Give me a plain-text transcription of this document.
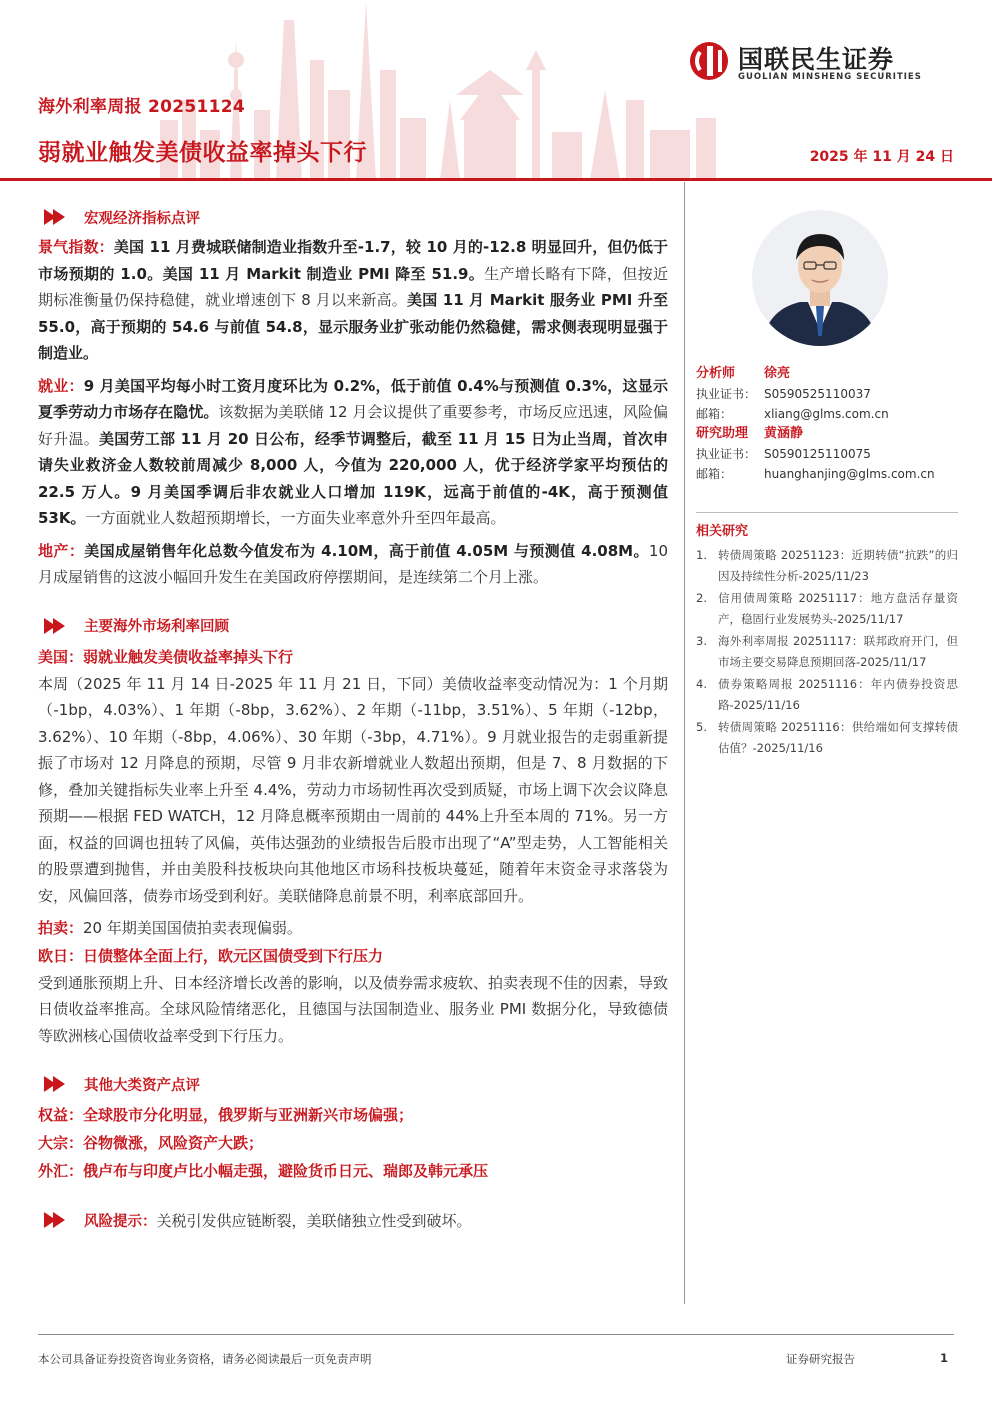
海外利率周报 20251124
弱就业触发美债收益率掉头下行	2025 年 11 月 24 日
国联民生证券
GUOLIAN MINSHENG SECURITIES
宏观经济指标点评

景气指数：美国 11 月费城联储制造业指数升至-1.7，较 10 月的-12.8 明显回升，但仍低于市场预期的 1.0。美国 11 月 Markit 制造业 PMI 降至 51.9。生产增长略有下降，但按近期标准衡量仍保持稳健，就业增速创下 8 月以来新高。美国 11 月 Markit 服务业 PMI 升至 55.0，高于预期的 54.6 与前值 54.8，显示服务业扩张动能仍然稳健，需求侧表现明显强于制造业。

就业：9 月美国平均每小时工资月度环比为 0.2%，低于前值 0.4%与预测值 0.3%，这显示夏季劳动力市场存在隐忧。该数据为美联储 12 月会议提供了重要参考，市场反应迅速，风险偏好升温。美国劳工部 11 月 20 日公布，经季节调整后，截至 11 月 15 日为止当周，首次申请失业救济金人数较前周减少 8,000 人，今值为 220,000 人，优于经济学家平均预估的 22.5 万人。9 月美国季调后非农就业人口增加 119K，远高于前值的-4K，高于预测值 53K。一方面就业人数超预期增长，一方面失业率意外升至四年最高。

地产：美国成屋销售年化总数今值发布为 4.10M，高于前值 4.05M 与预测值 4.08M。10 月成屋销售的这波小幅回升发生在美国政府停摆期间，是连续第二个月上涨。

主要海外市场利率回顾
美国：弱就业触发美债收益率掉头下行

本周（2025 年 11 月 14 日-2025 年 11 月 21 日，下同）美债收益率变动情况为：1 个月期（-1bp，4.03%）、1 年期（-8bp，3.62%）、2 年期（-11bp，3.51%）、5 年期（-12bp，3.62%）、10 年期（-8bp，4.06%）、30 年期（-3bp，4.71%）。9 月就业报告的走弱重新提振了市场对 12 月降息的预期，尽管 9 月非农新增就业人数超出预期，但是 7、8 月数据的下修，叠加关键指标失业率上升至 4.4%，劳动力市场韧性再次受到质疑，市场上调下次会议降息预期——根据 FED WATCH，12 月降息概率预期由一周前的 44%上升至本周的 71%。另一方面，权益的回调也扭转了风偏，英伟达强劲的业绩报告后股市出现了“A”型走势，人工智能相关的股票遭到抛售，并由美股科技板块向其他地区市场科技板块蔓延，随着年末资金寻求落袋为安，风偏回落，债券市场受到利好。美联储降息前景不明，利率底部回升。

拍卖：20 年期美国国债拍卖表现偏弱。

欧日：日债整体全面上行，欧元区国债受到下行压力

受到通胀预期上升、日本经济增长改善的影响，以及债券需求疲软、拍卖表现不佳的因素，导致日债收益率推高。全球风险情绪恶化，且德国与法国制造业、服务业 PMI 数据分化，导致德债等欧洲核心国债收益率受到下行压力。

其他大类资产点评
权益：全球股市分化明显，俄罗斯与亚洲新兴市场偏强；
大宗：谷物微涨，风险资产大跌；
外汇：俄卢布与印度卢比小幅走强，避险货币日元、瑞郎及韩元承压
风险提示： 关税引发供应链断裂，美联储独立性受到破坏。
分析师	徐亮
执业证书： S0590525110037
邮箱：	xliang@glms.com.cn
研究助理	黄涵静
执业证书： S0590125110075
邮箱：	huanghanjing@glms.com.cn
相关研究
1. 转债周策略 20251123：近期转债“抗跌”的归因及持续性分析-2025/11/23
2. 信用债周策略 20251117：地方盘活存量资产，稳固行业发展势头-2025/11/17
3. 海外利率周报 20251117：联邦政府开门，但市场主要交易降息预期回落-2025/11/17
4. 债券策略周报 20251116：年内债券投资思路-2025/11/16
5. 转债周策略 20251116：供给端如何支撑转债估值？-2025/11/16
本公司具备证券投资咨询业务资格，请务必阅读最后一页免责声明	证券研究报告	1
